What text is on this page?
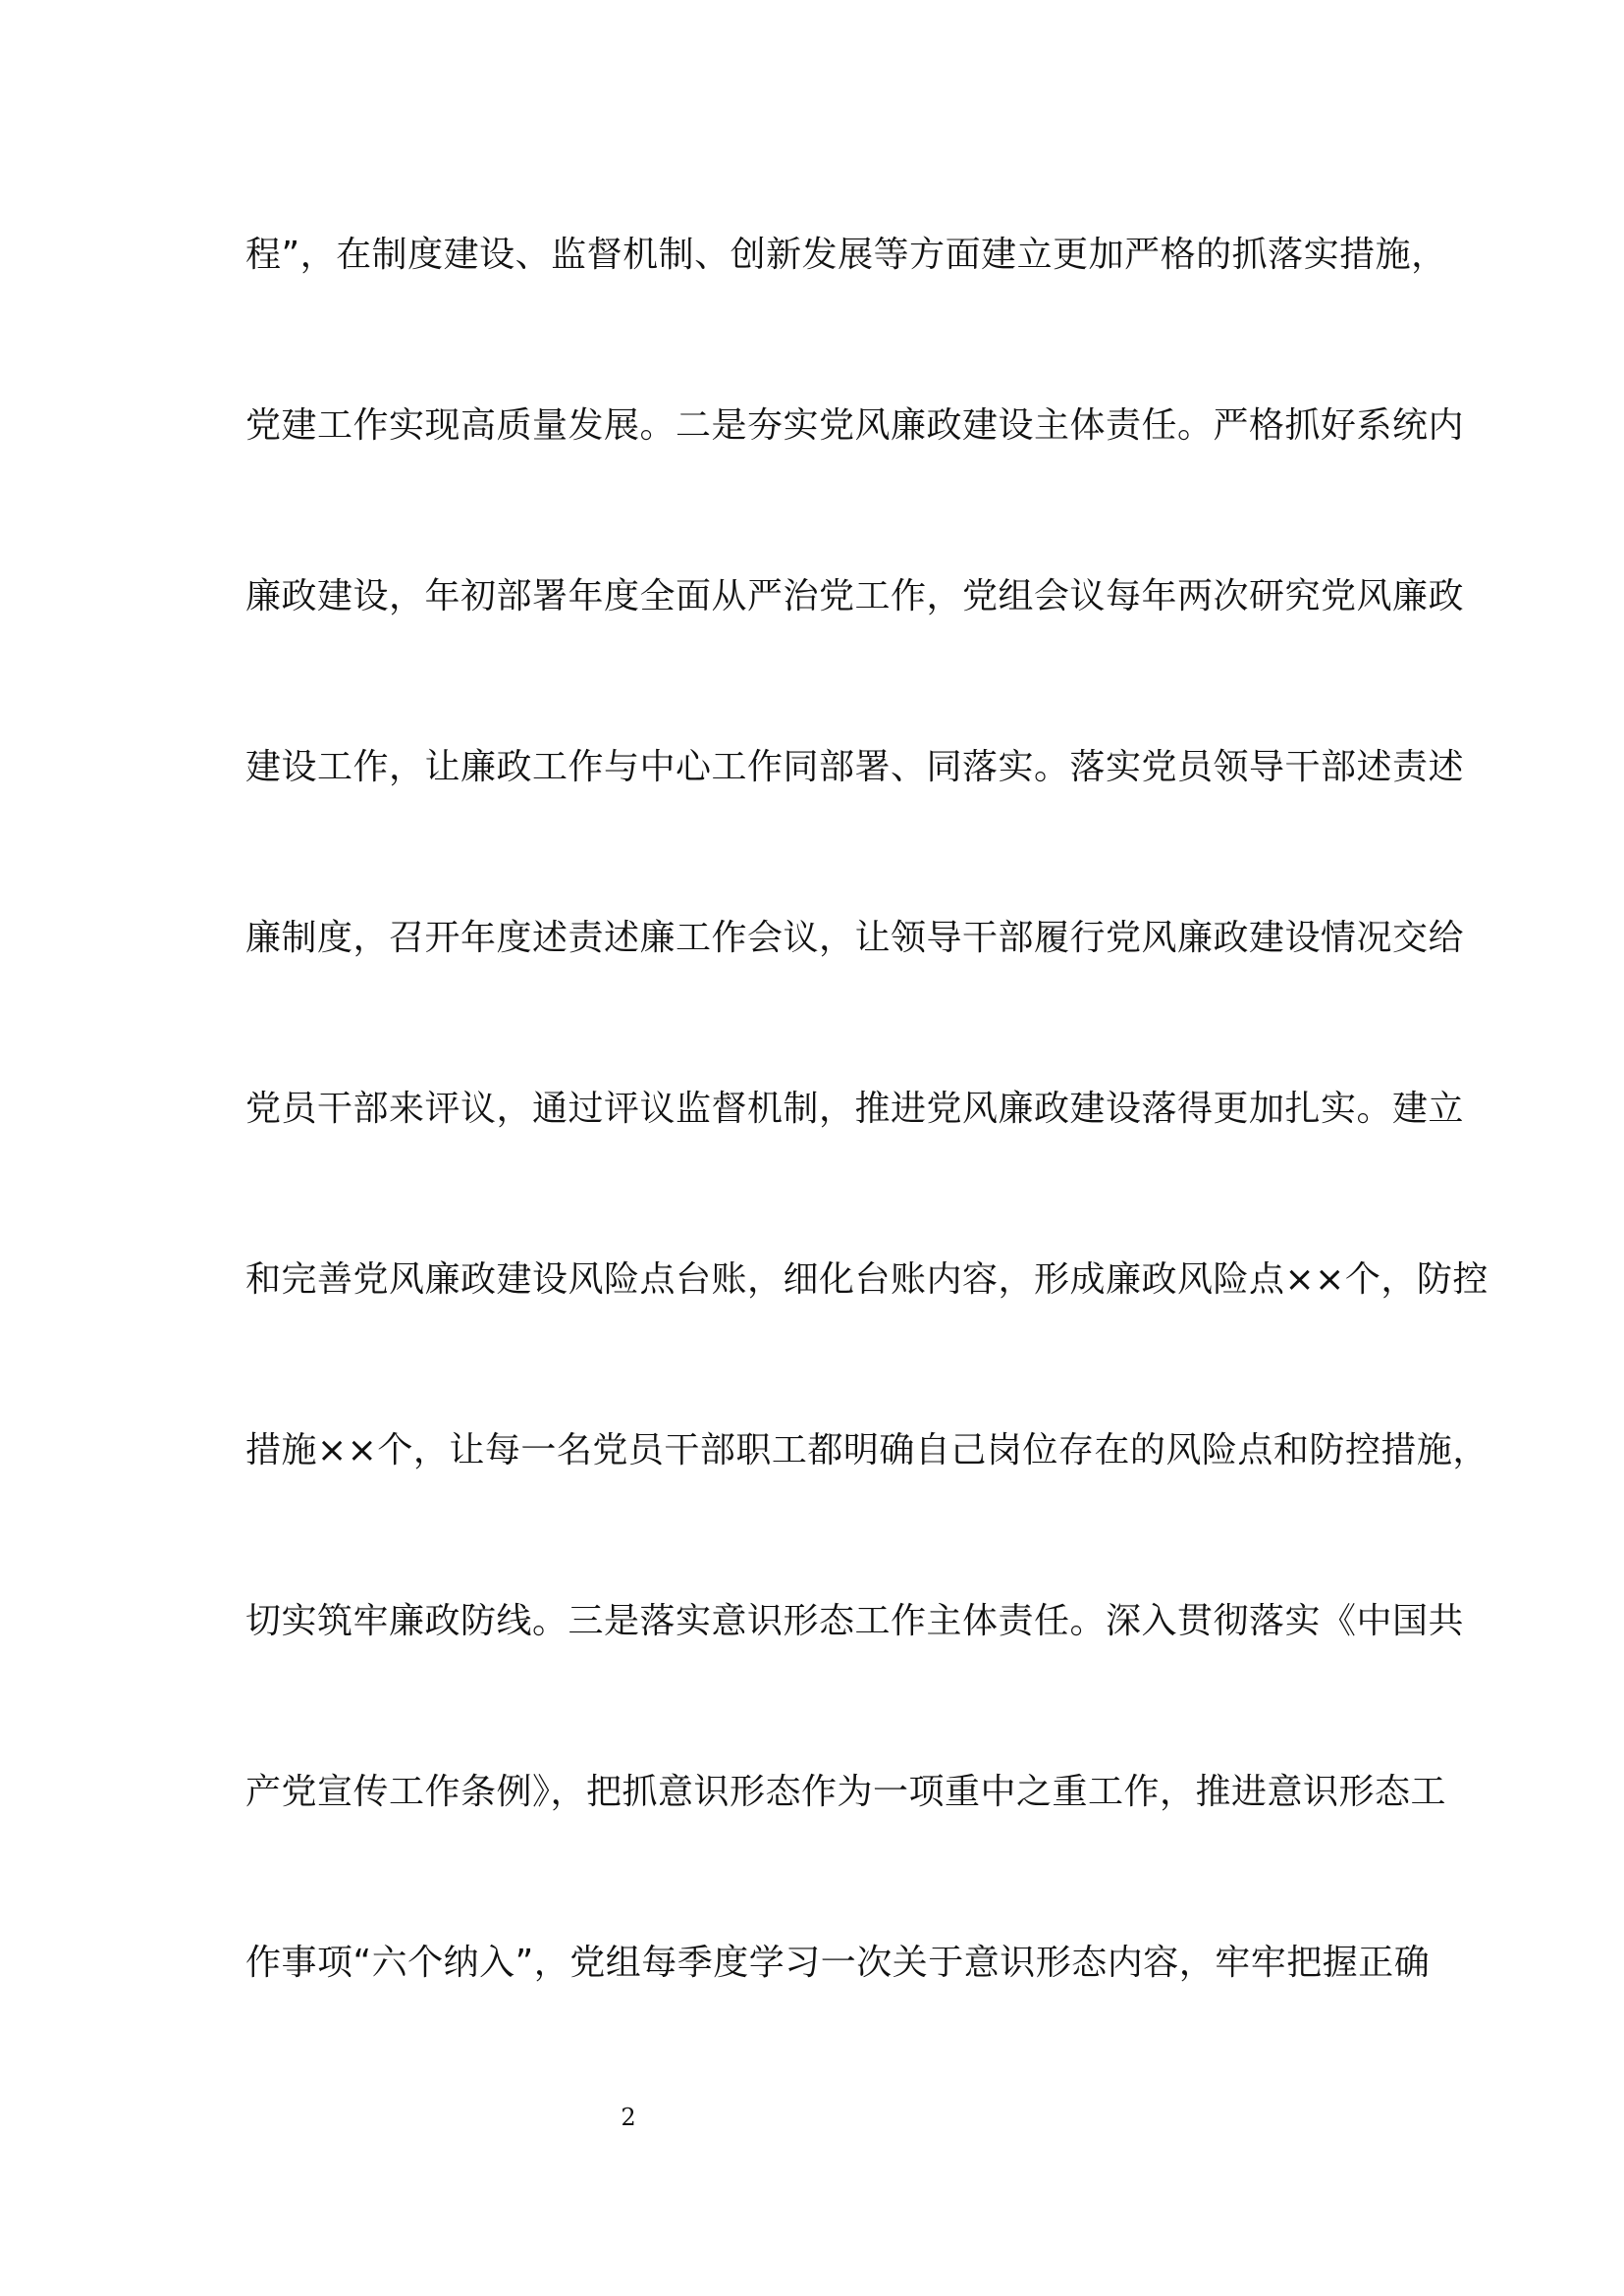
程”，在制度建设、监督机制、创新发展等方面建立更加严格的抓落实措施，
党建工作实现高质量发展。二是夯实党风廉政建设主体责任。严格抓好系统内
廉政建设，年初部署年度全面从严治党工作，党组会议每年两次研究党风廉政
建设工作，让廉政工作与中心工作同部署、同落实。落实党员领导干部述责述
廉制度，召开年度述责述廉工作会议，让领导干部履行党风廉政建设情况交给
党员干部来评议，通过评议监督机制，推进党风廉政建设落得更加扎实。建立
和完善党风廉政建设风险点台账，细化台账内容，形成廉政风险点××个，防控
措施××个，让每一名党员干部职工都明确自己岗位存在的风险点和防控措施，
切实筑牢廉政防线。三是落实意识形态工作主体责任。深入贯彻落实《中国共
产党宣传工作条例》，把抓意识形态作为一项重中之重工作，推进意识形态工
作事项“六个纳入”，党组每季度学习一次关于意识形态内容，牢牢把握正确
2
